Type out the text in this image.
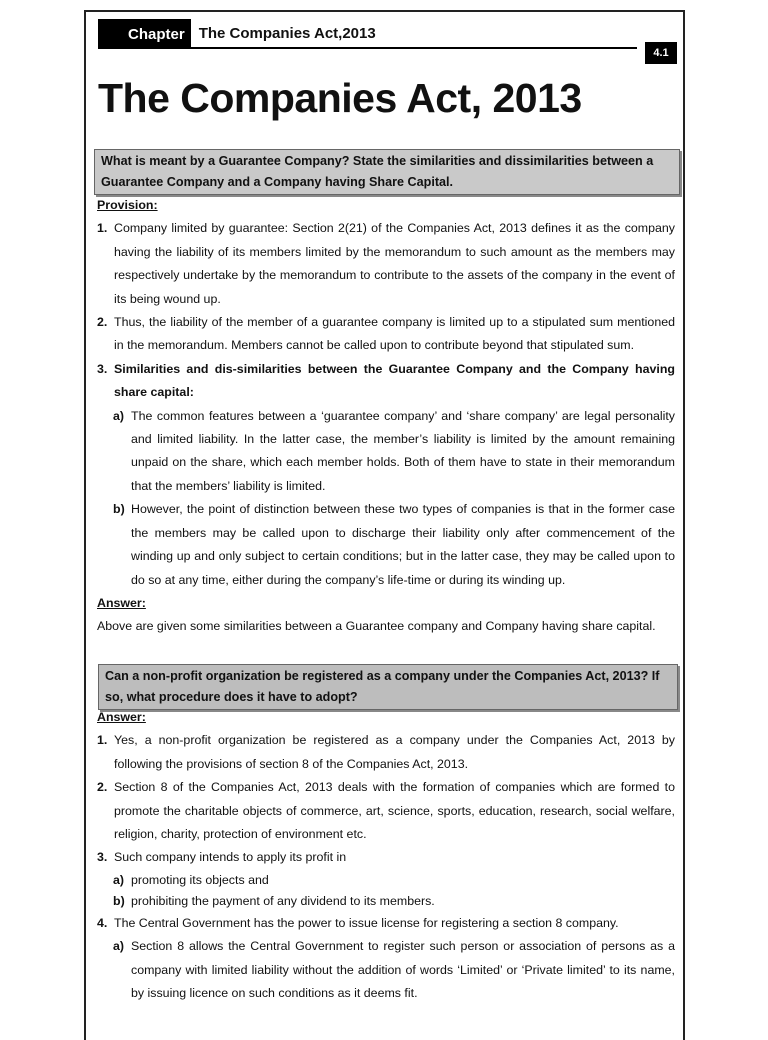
Chapter The Companies Act,2013
4.1
The Companies Act, 2013
What is meant by a Guarantee Company? State the similarities and dissimilarities between a Guarantee Company and a Company having Share Capital.

Provision:

1. Company limited by guarantee: Section 2(21) of the Companies Act, 2013 defines it as the company having the liability of its members limited by the memorandum to such amount as the members may respectively undertake by the memorandum to contribute to the assets of the company in the event of its being wound up.

2. Thus, the liability of the member of a guarantee company is limited up to a stipulated sum mentioned in the memorandum. Members cannot be called upon to contribute beyond that stipulated sum.

3. Similarities and dis-similarities between the Guarantee Company and the Company having share capital:

a) The common features between a ‘guarantee company’ and ‘share company’ are legal personality and limited liability. In the latter case, the member’s liability is limited by the amount remaining unpaid on the share, which each member holds. Both of them have to state in their memorandum that the members’ liability is limited.

b) However, the point of distinction between these two types of companies is that in the former case the members may be called upon to discharge their liability only after commencement of the winding up and only subject to certain conditions; but in the latter case, they may be called upon to do so at any time, either during the company’s life-time or during its winding up.

Answer:

Above are given some similarities between a Guarantee company and Company having share capital.

Can a non-profit organization be registered as a company under the Companies Act, 2013? If so, what procedure does it have to adopt?

Answer:

1. Yes, a non-profit organization be registered as a company under the Companies Act, 2013 by following the provisions of section 8 of the Companies Act, 2013.

2. Section 8 of the Companies Act, 2013 deals with the formation of companies which are formed to promote the charitable objects of commerce, art, science, sports, education, research, social welfare, religion, charity, protection of environment etc.

3. Such company intends to apply its profit in

a) promoting its objects and

b) prohibiting the payment of any dividend to its members.

4. The Central Government has the power to issue license for registering a section 8 company.

a) Section 8 allows the Central Government to register such person or association of persons as a company with limited liability without the addition of words ‘Limited’ or ‘Private limited’ to its name, by issuing licence on such conditions as it deems fit.
